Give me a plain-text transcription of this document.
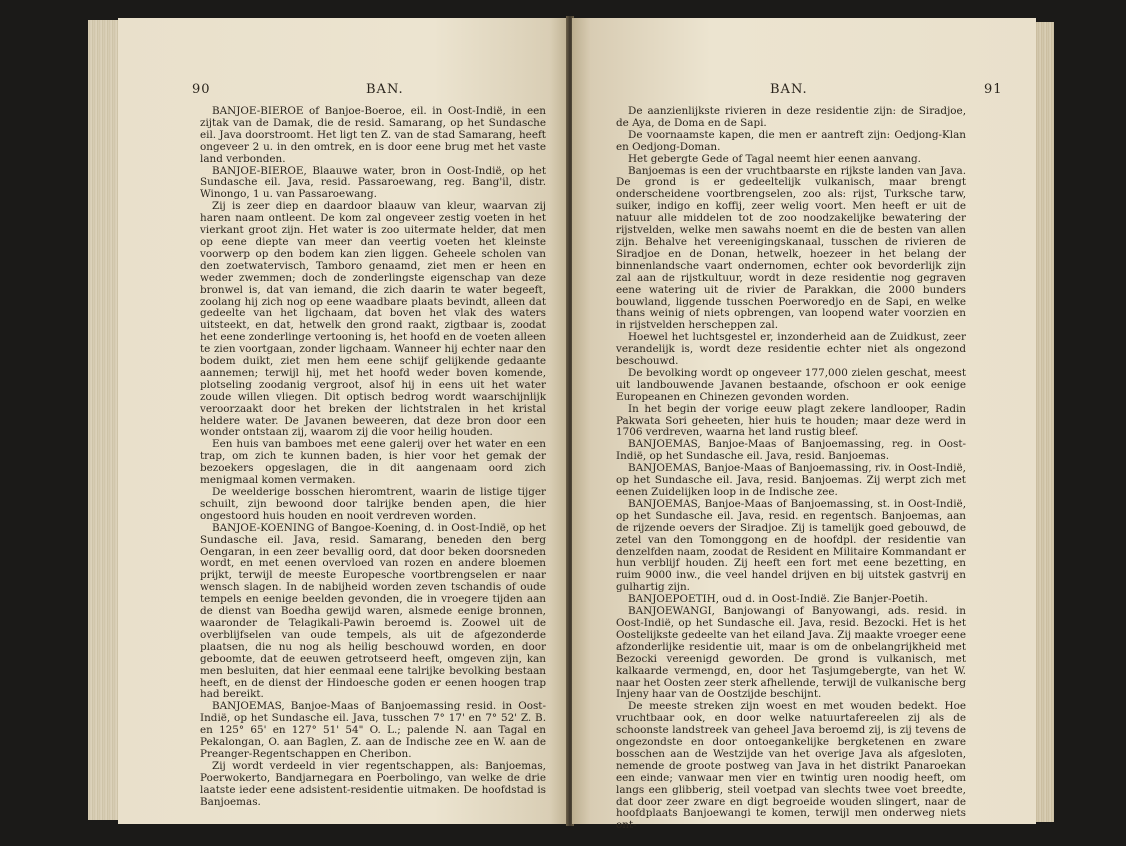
90	BAN.

BANJOE-BIEROE of Banjoe-Boeroe, eil. in Oost-Indië, in een zijtak van de Damak, die de resid. Samarang, op het Sundasche eil. Java doorstroomt. Het ligt ten Z. van de stad Samarang, heeft ongeveer 2 u. in den omtrek, en is door eene brug met het vaste land verbonden.

BANJOE-BIEROE, Blaauwe water, bron in Oost-Indië, op het Sundasche eil. Java, resid. Passaroewang, reg. Bang'il, distr. Winongo, 1 u. van Passaroewang.

Zij is zeer diep en daardoor blaauw van kleur, waarvan zij haren naam ontleent. De kom zal ongeveer zestig voeten in het vierkant groot zijn. Het water is zoo uitermate helder, dat men op eene diepte van meer dan veertig voeten het kleinste voorwerp op den bodem kan zien liggen. Geheele scholen van den zoetwatervisch, Tamboro genaamd, ziet men er heen en weder zwemmen; doch de zonderlingste eigenschap van deze bronwel is, dat van iemand, die zich daarin te water begeeft, zoolang hij zich nog op eene waadbare plaats bevindt, alleen dat gedeelte van het ligchaam, dat boven het vlak des waters uitsteekt, en dat, hetwelk den grond raakt, zigtbaar is, zoodat het eene zonderlinge vertooning is, het hoofd en de voeten alleen te zien voortgaan, zonder ligchaam. Wanneer hij echter naar den bodem duikt, ziet men hem eene schijf gelijkende gedaante aannemen; terwijl hij, met het hoofd weder boven komende, plotseling zoodanig vergroot, alsof hij in eens uit het water zoude willen vliegen. Dit optisch bedrog wordt waarschijnlijk veroorzaakt door het breken der lichtstralen in het kristal heldere water. De Javanen beweeren, dat deze bron door een wonder ontstaan zij, waarom zij die voor heilig houden.

Een huis van bamboes met eene galerij over het water en een trap, om zich te kunnen baden, is hier voor het gemak der bezoekers opgeslagen, die in dit aangenaam oord zich menigmaal komen vermaken.

De weelderige bosschen hieromtrent, waarin de listige tijger schuilt, zijn bewoond door talrijke benden apen, die hier ongestoord huis houden en nooit verdreven worden.

BANJOE-KOENING of Bangoe-Koening, d. in Oost-Indië, op het Sundasche eil. Java, resid. Samarang, beneden den berg Oengaran, in een zeer bevallig oord, dat door beken doorsneden wordt, en met eenen overvloed van rozen en andere bloemen prijkt, terwijl de meeste Europesche voortbrengselen er naar wensch slagen. In de nabijheid worden zeven tschandis of oude tempels en eenige beelden gevonden, die in vroegere tijden aan de dienst van Boedha gewijd waren, alsmede eenige bronnen, waaronder de Telagikali-Pawin beroemd is. Zoowel uit de overblijfselen van oude tempels, als uit de afgezonderde plaatsen, die nu nog als heilig beschouwd worden, en door geboomte, dat de eeuwen getrotseerd heeft, omgeven zijn, kan men besluiten, dat hier eenmaal eene talrijke bevolking bestaan heeft, en de dienst der Hindoesche goden er eenen hoogen trap had bereikt.

BANJOEMAS, Banjoe-Maas of Banjoemassing resid. in Oost-Indië, op het Sundasche eil. Java, tusschen 7° 17' en 7° 52' Z. B. en 125° 65' en 127° 51' 54" O. L.; palende N. aan Tagal en Pekalongan, O. aan Baglen, Z. aan de Indische zee en W. aan de Preanger-Regentschappen en Cheribon.

Zij wordt verdeeld in vier regentschappen, als: Banjoemas, Poerwokerto, Bandjarnegara en Poerbolingo, van welke de drie laatste ieder eene adsistent-residentie uitmaken. De hoofdstad is Banjoemas.

BAN.	91

De aanzienlijkste rivieren in deze residentie zijn: de Siradjoe, de Aya, de Doma en de Sapi.

De voornaamste kapen, die men er aantreft zijn: Oedjong-Klan en Oedjong-Doman.

Het gebergte Gede of Tagal neemt hier eenen aanvang.

Banjoemas is een der vruchtbaarste en rijkste landen van Java. De grond is er gedeeltelijk vulkanisch, maar brengt onderscheidene voortbrengselen, zoo als: rijst, Turksche tarw, suiker, indigo en koffij, zeer welig voort. Men heeft er uit de natuur alle middelen tot de zoo noodzakelijke bewatering der rijstvelden, welke men sawahs noemt en die de besten van allen zijn. Behalve het vereenigingskanaal, tusschen de rivieren de Siradjoe en de Donan, hetwelk, hoezeer in het belang der binnenlandsche vaart ondernomen, echter ook bevorderlijk zijn zal aan de rijstkultuur, wordt in deze residentie nog gegraven eene watering uit de rivier de Parakkan, die 2000 bunders bouwland, liggende tusschen Poerworedjo en de Sapi, en welke thans weinig of niets opbrengen, van loopend water voorzien en in rijstvelden herscheppen zal.

Hoewel het luchtsgestel er, inzonderheid aan de Zuidkust, zeer verandelijk is, wordt deze residentie echter niet als ongezond beschouwd.

De bevolking wordt op ongeveer 177,000 zielen geschat, meest uit landbouwende Javanen bestaande, ofschoon er ook eenige Europeanen en Chinezen gevonden worden.

In het begin der vorige eeuw plagt zekere landlooper, Radin Pakwata Sori geheeten, hier huis te houden; maar deze werd in 1706 verdreven, waarna het land rustig bleef.

BANJOEMAS, Banjoe-Maas of Banjoemassing, reg. in Oost-Indië, op het Sundasche eil. Java, resid. Banjoemas.

BANJOEMAS, Banjoe-Maas of Banjoemassing, riv. in Oost-Indië, op het Sundasche eil. Java, resid. Banjoemas. Zij werpt zich met eenen Zuidelijken loop in de Indische zee.

BANJOEMAS, Banjoe-Maas of Banjoemassing, st. in Oost-Indië, op het Sundasche eil. Java, resid. en regentsch. Banjoemas, aan de rijzende oevers der Siradjoe. Zij is tamelijk goed gebouwd, de zetel van den Tomonggong en de hoofdpl. der residentie van denzelfden naam, zoodat de Resident en Militaire Kommandant er hun verblijf houden. Zij heeft een fort met eene bezetting, en ruim 9000 inw., die veel handel drijven en bij uitstek gastvrij en gulhartig zijn.

BANJOEPOETIH, oud d. in Oost-Indië. Zie Banjer-Poetih.

BANJOEWANGI, Banjowangi of Banyowangi, ads. resid. in Oost-Indië, op het Sundasche eil. Java, resid. Bezocki. Het is het Oostelijkste gedeelte van het eiland Java. Zij maakte vroeger eene afzonderlijke residentie uit, maar is om de onbelangrijkheid met Bezocki vereenigd geworden. De grond is vulkanisch, met kalkaarde vermengd, en, door het Tasjumgebergte, van het W. naar het Oosten zeer sterk afhellende, terwijl de vulkanische berg Injeny haar van de Oostzijde beschijnt.

De meeste streken zijn woest en met wouden bedekt. Hoe vruchtbaar ook, en door welke natuurtafereelen zij als de schoonste landstreek van geheel Java beroemd zij, is zij tevens de ongezondste en door ontoegankelijke bergketenen en zware bosschen aan de Westzijde van het overige Java als afgesloten, nemende de groote postweg van Java in het distrikt Panaroekan een einde; vanwaar men vier en twintig uren noodig heeft, om langs een glibberig, steil voetpad van slechts twee voet breedte, dat door zeer zware en digt begroeide wouden slingert, naar de hoofdplaats Banjoewangi te komen, terwijl men onderweg niets ont-
